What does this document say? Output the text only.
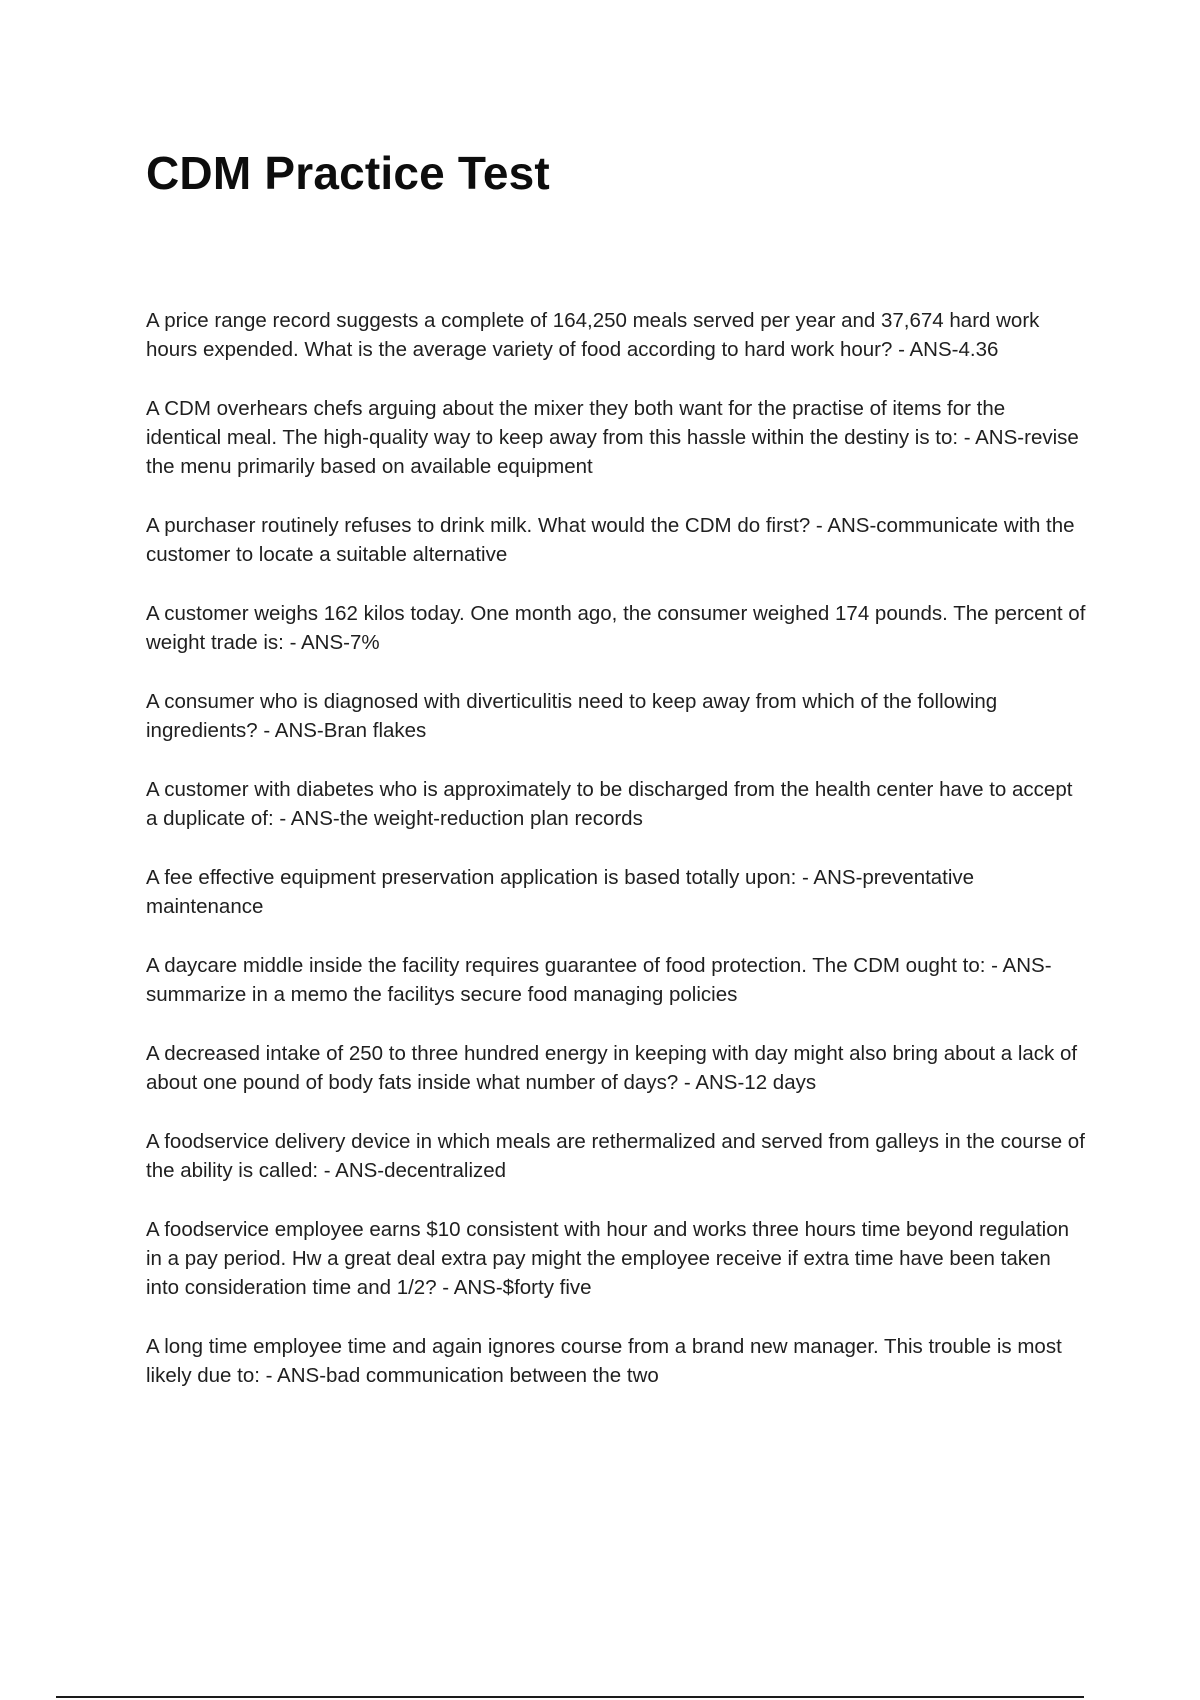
CDM Practice Test
A price range record suggests a complete of 164,250 meals served per year and 37,674 hard work hours expended. What is the average variety of food according to hard work hour? - ANS-4.36
A CDM overhears chefs arguing about the mixer they both want for the practise of items for the identical meal. The high-quality way to keep away from this hassle within the destiny is to: - ANS-revise the menu primarily based on available equipment
A purchaser routinely refuses to drink milk. What would the CDM do first? - ANS-communicate with the customer to locate a suitable alternative
A customer weighs 162 kilos today. One month ago, the consumer weighed 174 pounds. The percent of weight trade is: - ANS-7%
A consumer who is diagnosed with diverticulitis need to keep away from which of the following ingredients? - ANS-Bran flakes
A customer with diabetes who is approximately to be discharged from the health center have to accept a duplicate of: - ANS-the weight-reduction plan records
A fee effective equipment preservation application is based totally upon: - ANS-preventative maintenance
A daycare middle inside the facility requires guarantee of food protection. The CDM ought to: - ANS-summarize in a memo the facilitys secure food managing policies
A decreased intake of 250 to three hundred energy in keeping with day might also bring about a lack of about one pound of body fats inside what number of days? - ANS-12 days
A foodservice delivery device in which meals are rethermalized and served from galleys in the course of the ability is called: - ANS-decentralized
A foodservice employee earns $10 consistent with hour and works three hours time beyond regulation in a pay period. Hw a great deal extra pay might the employee receive if extra time have been taken into consideration time and 1/2? - ANS-$forty five
A long time employee time and again ignores course from a brand new manager. This trouble is most likely due to: - ANS-bad communication between the two
